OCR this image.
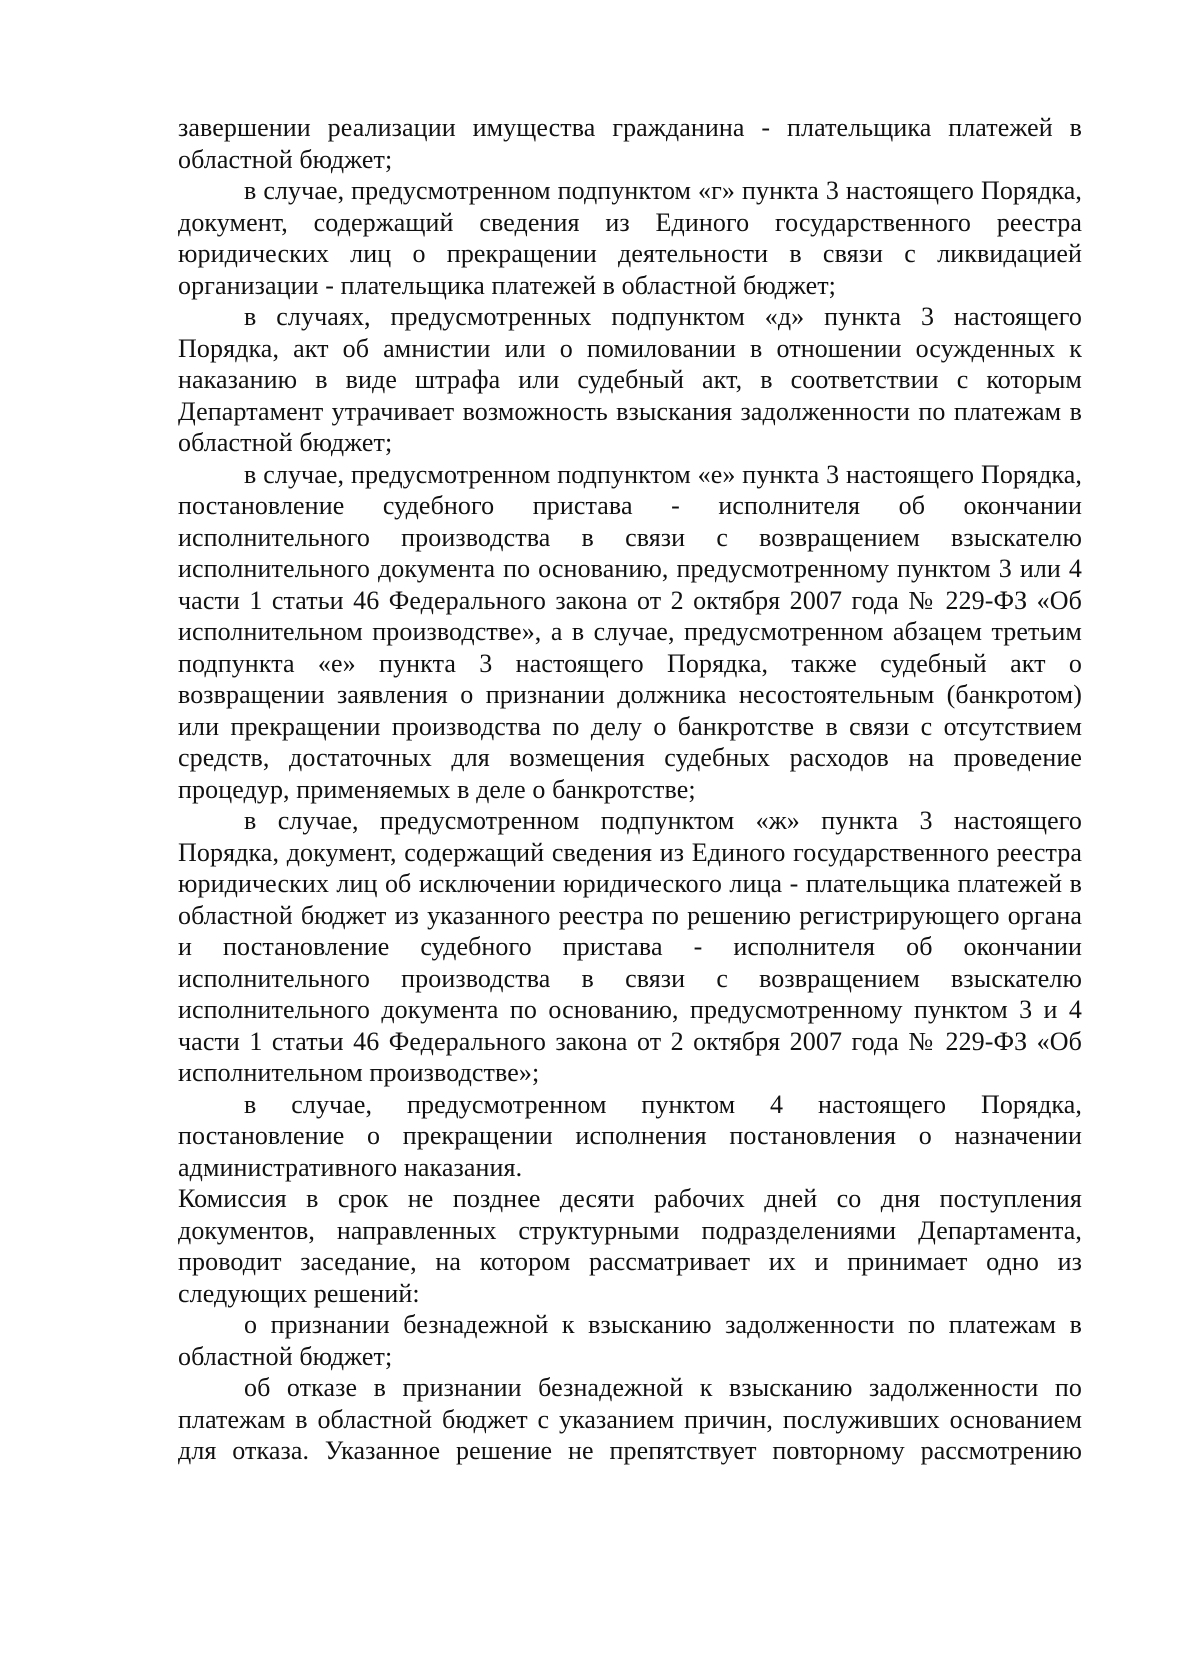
завершении реализации имущества гражданина - плательщика платежей в областной бюджет;

в случае, предусмотренном подпунктом «г» пункта 3 настоящего Порядка, документ, содержащий сведения из Единого государственного реестра юридических лиц о прекращении деятельности в связи с ликвидацией организации - плательщика платежей в областной бюджет;

в случаях, предусмотренных подпунктом «д» пункта 3 настоящего Порядка, акт об амнистии или о помиловании в отношении осужденных к наказанию в виде штрафа или судебный акт, в соответствии с которым Департамент утрачивает возможность взыскания задолженности по платежам в областной бюджет;

в случае, предусмотренном подпунктом «е» пункта 3 настоящего Порядка, постановление судебного пристава - исполнителя об окончании исполнительного производства в связи с возвращением взыскателю исполнительного документа по основанию, предусмотренному пунктом 3 или 4 части 1 статьи 46 Федерального закона от 2 октября 2007 года № 229-ФЗ «Об исполнительном производстве», а в случае, предусмотренном абзацем третьим подпункта «е» пункта 3 настоящего Порядка, также судебный акт о возвращении заявления о признании должника несостоятельным (банкротом) или прекращении производства по делу о банкротстве в связи с отсутствием средств, достаточных для возмещения судебных расходов на проведение процедур, применяемых в деле о банкротстве;

в случае, предусмотренном подпунктом «ж» пункта 3 настоящего Порядка, документ, содержащий сведения из Единого государственного реестра юридических лиц об исключении юридического лица - плательщика платежей в областной бюджет из указанного реестра по решению регистрирующего органа и постановление судебного пристава - исполнителя об окончании исполнительного производства в связи с возвращением взыскателю исполнительного документа по основанию, предусмотренному пунктом 3 и 4 части 1 статьи 46 Федерального закона от 2 октября 2007 года № 229-ФЗ «Об исполнительном производстве»;

в случае, предусмотренном пунктом 4 настоящего Порядка, постановление о прекращении исполнения постановления о назначении административного наказания.

Комиссия в срок не позднее десяти рабочих дней со дня поступления документов, направленных структурными подразделениями Департамента, проводит заседание, на котором рассматривает их и принимает одно из следующих решений:

о признании безнадежной к взысканию задолженности по платежам в областной бюджет;

об отказе в признании безнадежной к взысканию задолженности по платежам в областной бюджет с указанием причин, послуживших основанием для отказа. Указанное решение не препятствует повторному рассмотрению
